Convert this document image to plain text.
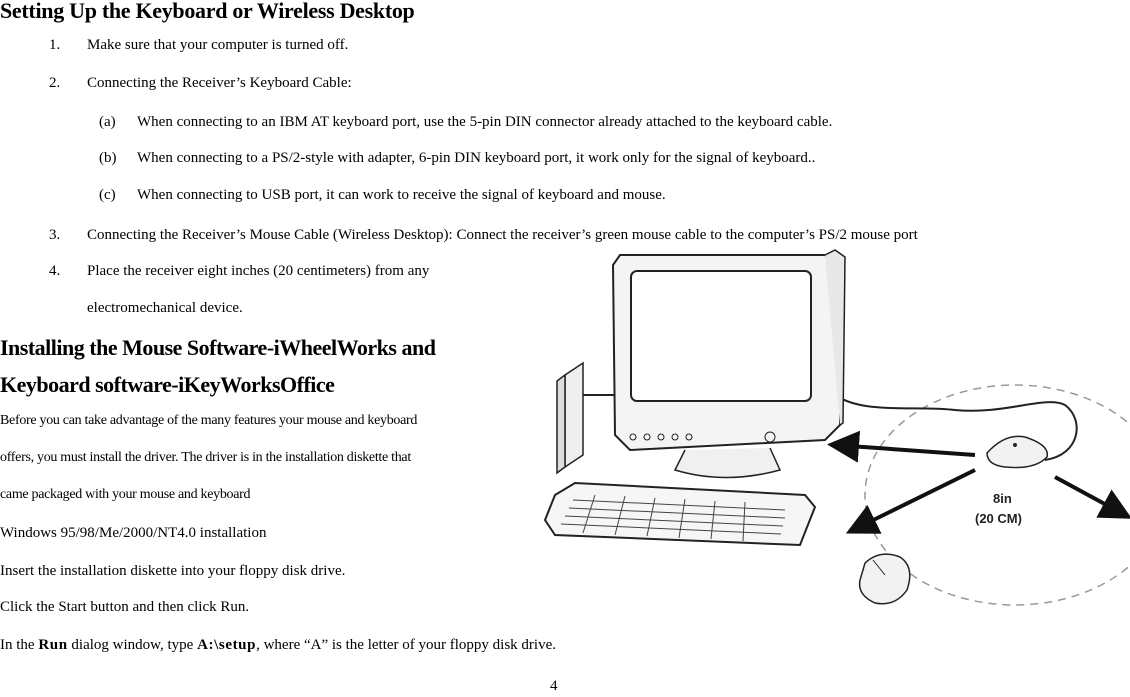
Setting Up the Keyboard or Wireless Desktop
1. Make sure that your computer is turned off.
2. Connecting the Receiver’s Keyboard Cable:
(a) When connecting to an IBM AT keyboard port, use the 5-pin DIN connector already attached to the keyboard cable.
(b) When connecting to a PS/2-style with adapter, 6-pin DIN keyboard port, it work only for the signal of keyboard..
(c) When connecting to USB port, it can work to receive the signal of keyboard and mouse.
3. Connecting the Receiver’s Mouse Cable (Wireless Desktop): Connect the receiver’s green mouse cable to the computer’s PS/2 mouse port
4. Place the receiver eight inches (20 centimeters) from any
electromechanical device.
Installing the Mouse Software-iWheelWorks and
Keyboard software-iKeyWorksOffice
Before you can take advantage of the many features your mouse and keyboard
offers, you must install the driver. The driver is in the installation diskette that
came packaged with your mouse and keyboard
Windows 95/98/Me/2000/NT4.0 installation
Insert the installation diskette into your floppy disk drive.
Click the Start button and then click Run.
In the Run dialog window, type A:\setup, where “A” is the letter of your floppy disk drive.
4
8in
(20 CM)
